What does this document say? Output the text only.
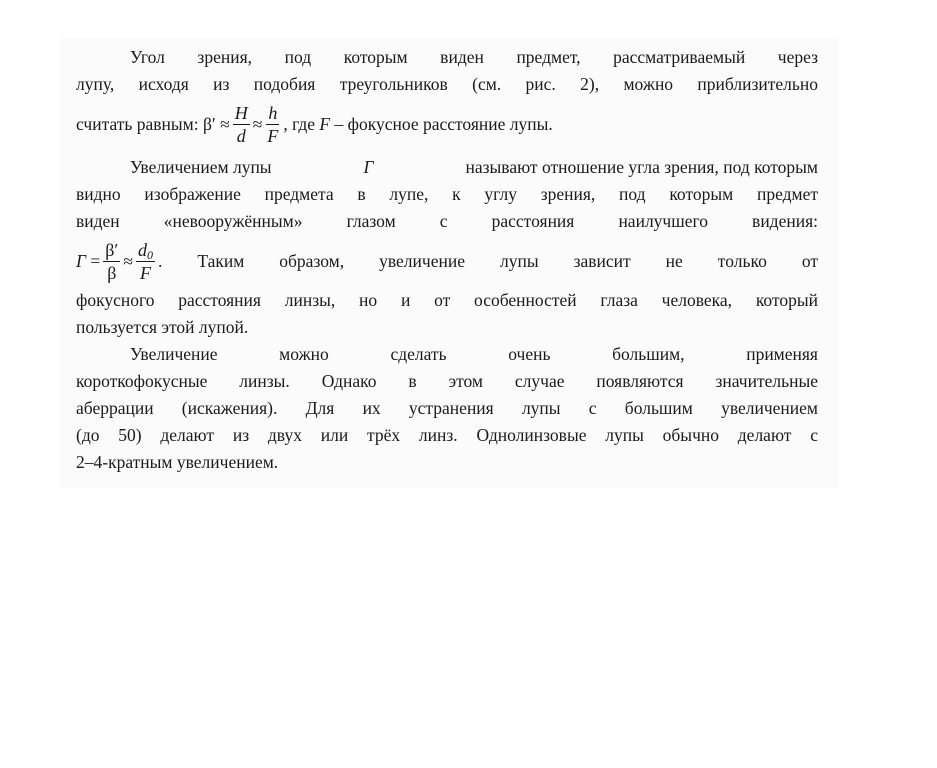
Угол зрения, под которым виден предмет, рассматриваемый через
лупу, исходя из подобия треугольников (см. рис. 2), можно приблизительно
считать равным: $\beta' \approx \frac{H}{d} \approx \frac{h}{F}$ , где
F
– фокусное расстояние лупы.
Увеличением лупы	Г	называют отношение угла зрения, под которым
видно изображение предмета в лупе, к углу зрения, под которым предмет
виден «невооружённым» глазом с расстояния наилучшего видения:
Г
= $\frac{\beta'}{\beta} \approx \frac{d_0}{F}$ . Таким образом, увеличение лупы зависит не только от
фокусного расстояния линзы, но и от особенностей глаза человека, который
пользуется этой лупой.
Увеличение можно сделать очень большим, применяя
короткофокусные линзы. Однако в этом случае появляются значительные
аберрации (искажения). Для их устранения лупы с большим увеличением
(до 50) делают из двух или трёх линз. Однолинзовые лупы обычно делают с
2–4-кратным увеличением.
